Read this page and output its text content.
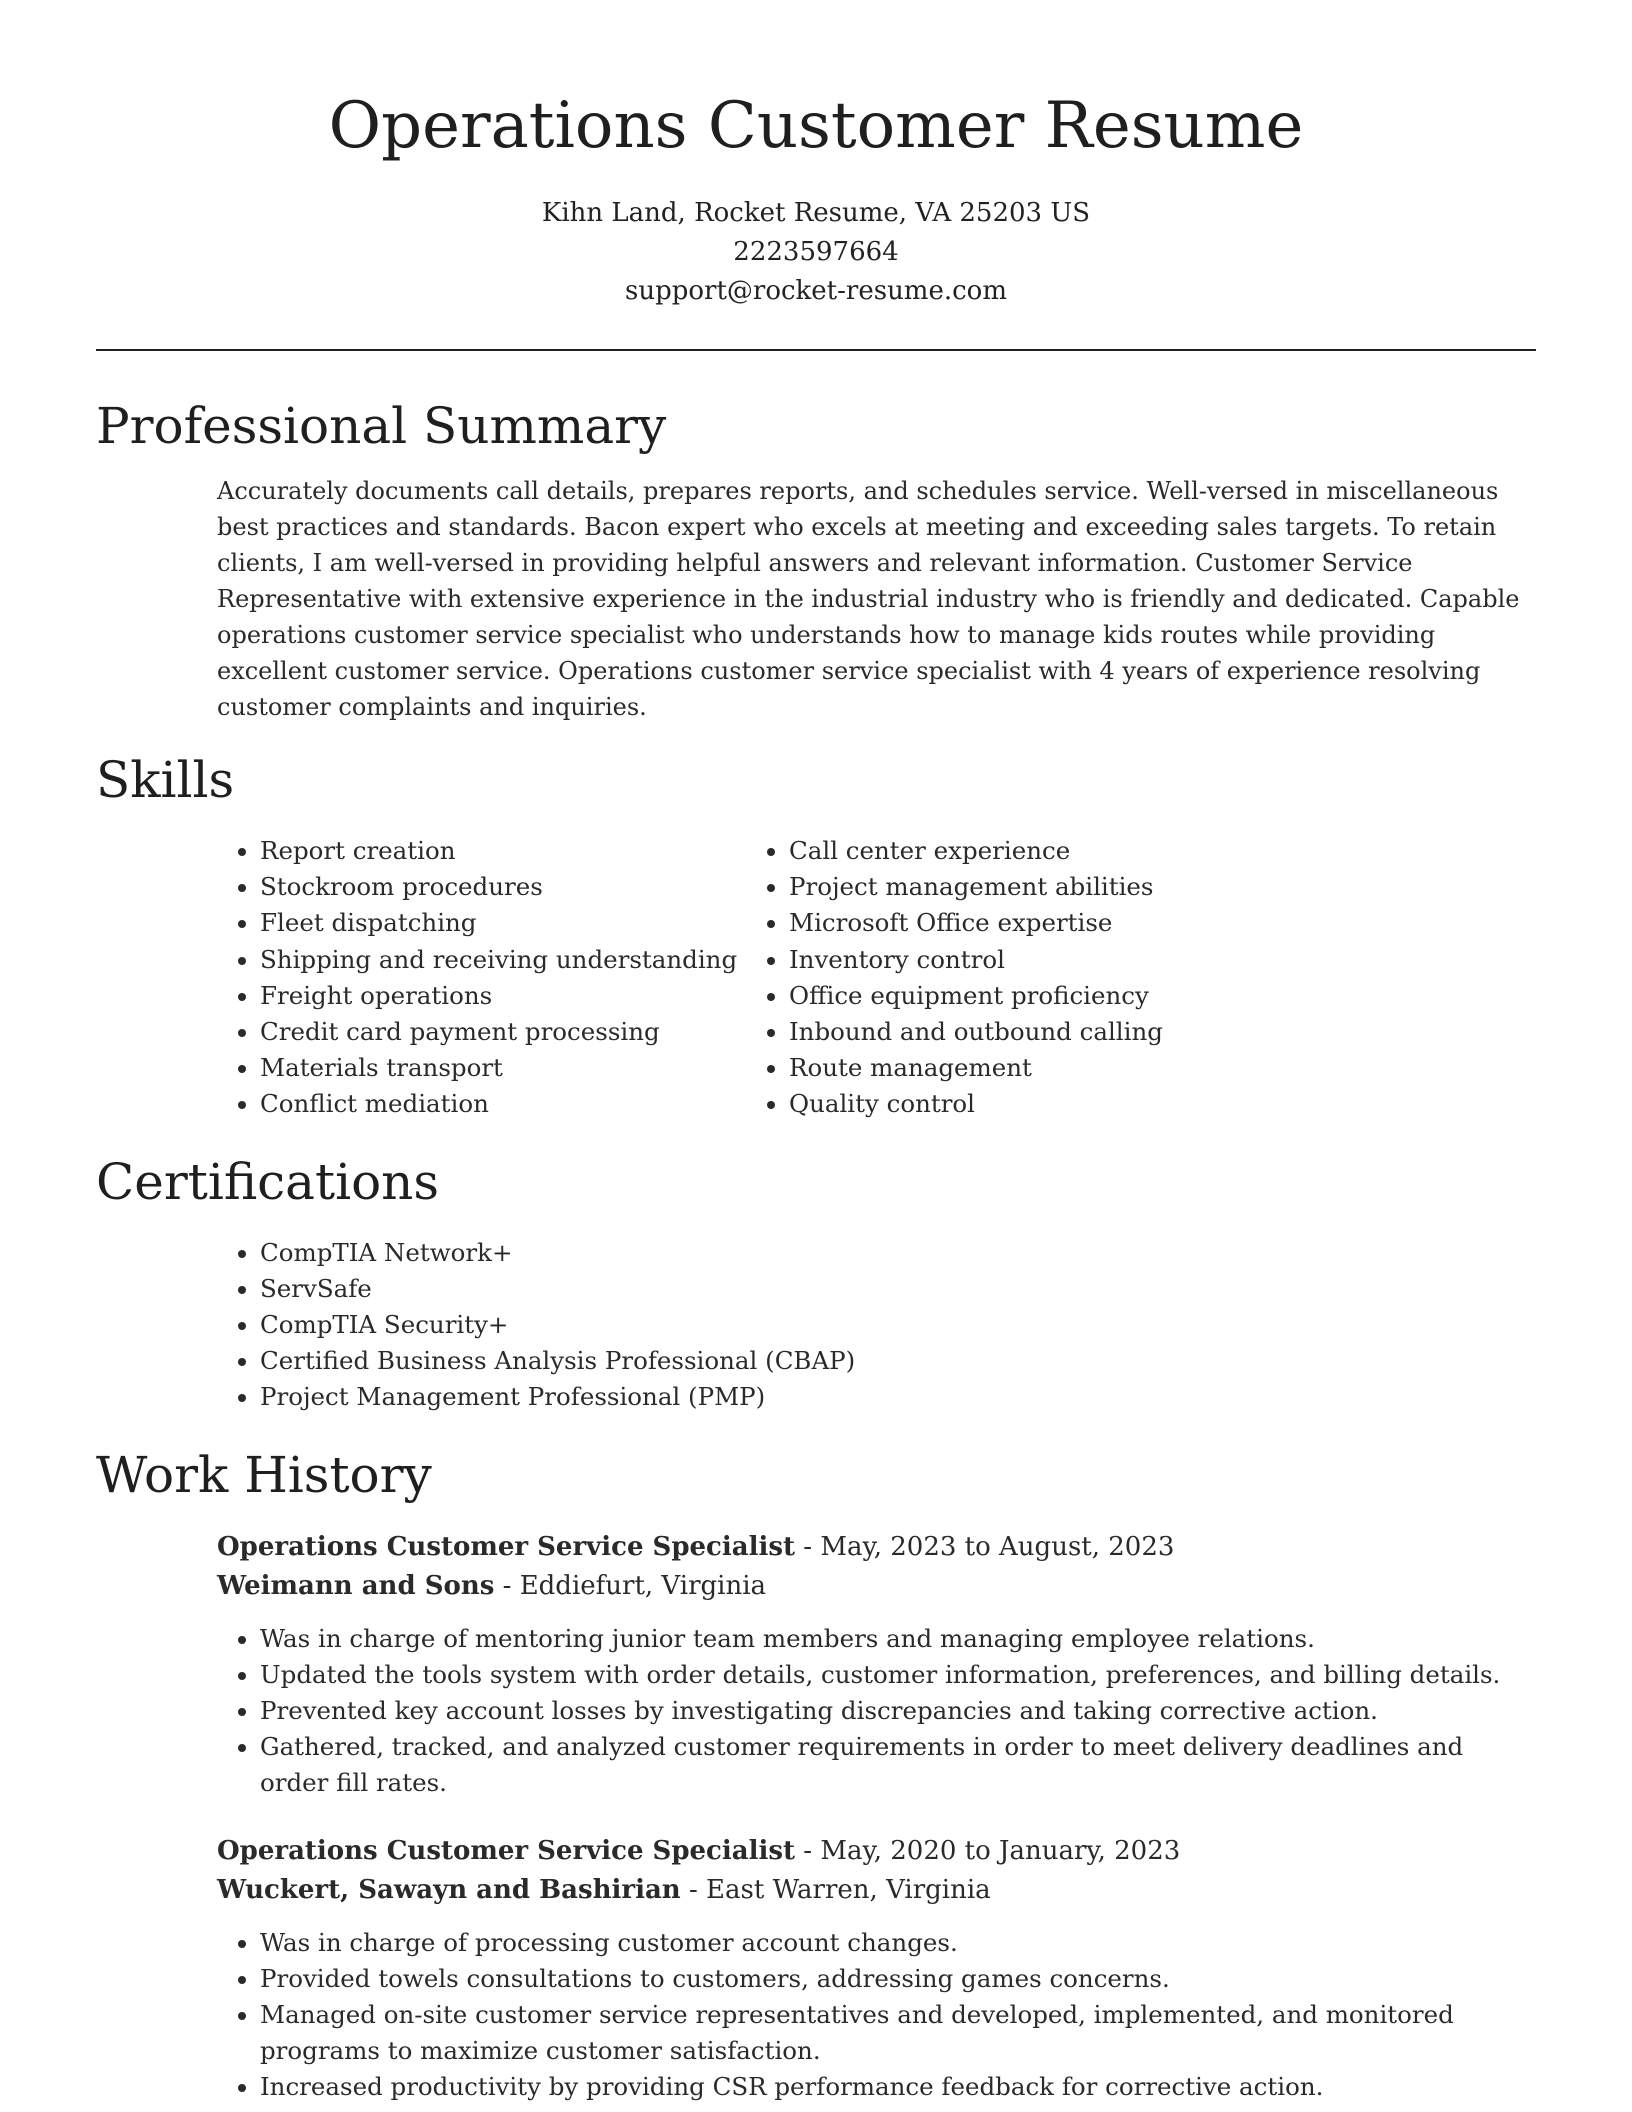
Operations Customer Resume
Kihn Land, Rocket Resume, VA 25203 US
2223597664
support@rocket-resume.com
Professional Summary

Accurately documents call details, prepares reports, and schedules service. Well-versed in miscellaneous best practices and standards. Bacon expert who excels at meeting and exceeding sales targets. To retain clients, I am well-versed in providing helpful answers and relevant information. Customer Service Representative with extensive experience in the industrial industry who is friendly and dedicated. Capable operations customer service specialist who understands how to manage kids routes while providing excellent customer service. Operations customer service specialist with 4 years of experience resolving customer complaints and inquiries.

Skills
• Report creation
• Stockroom procedures
• Fleet dispatching
• Shipping and receiving understanding
• Freight operations
• Credit card payment processing
• Materials transport
• Conflict mediation
• Call center experience
• Project management abilities
• Microsoft Office expertise
• Inventory control
• Office equipment proficiency
• Inbound and outbound calling
• Route management
• Quality control
Certifications
• CompTIA Network+
• ServSafe
• CompTIA Security+
• Certified Business Analysis Professional (CBAP)
• Project Management Professional (PMP)
Work History
Operations Customer Service Specialist - May, 2023 to August, 2023
Weimann and Sons - Eddiefurt, Virginia
• Was in charge of mentoring junior team members and managing employee relations.
• Updated the tools system with order details, customer information, preferences, and billing details.
• Prevented key account losses by investigating discrepancies and taking corrective action.
• Gathered, tracked, and analyzed customer requirements in order to meet delivery deadlines and order fill rates.
Operations Customer Service Specialist - May, 2020 to January, 2023
Wuckert, Sawayn and Bashirian - East Warren, Virginia
• Was in charge of processing customer account changes.
• Provided towels consultations to customers, addressing games concerns.
• Managed on-site customer service representatives and developed, implemented, and monitored programs to maximize customer satisfaction.
• Increased productivity by providing CSR performance feedback for corrective action.
